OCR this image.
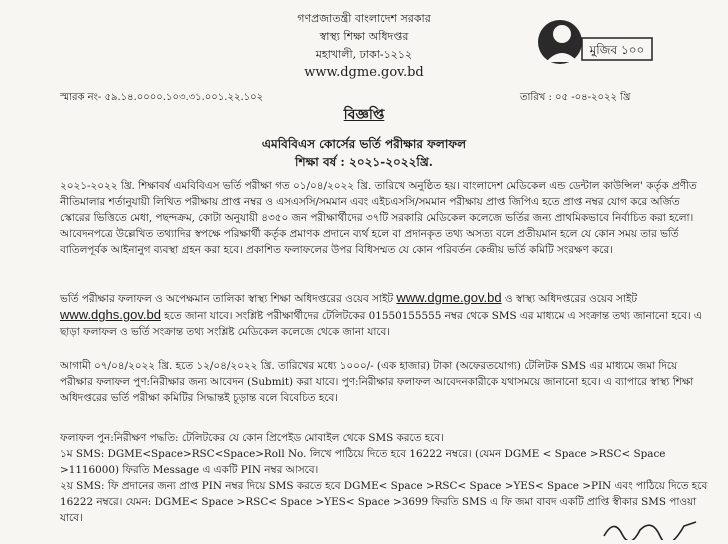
গণপ্রজাতন্ত্রী বাংলাদেশ সরকার
স্বাস্থ্য শিক্ষা অধিদপ্তর
মহাখালী, ঢাকা-১২১২
www.dgme.gov.bd
মুজিব ১০০
স্মারক নং- ৫৯.১৪.০০০০.১০৩.৩১.০০১.২২.১০২	তারিখ : ০৫ -০৪-২০২২ খ্রি
বিজ্ঞপ্তি
এমবিবিএস কোর্সের ভর্তি পরীক্ষার ফলাফল
শিক্ষা বর্ষ : ২০২১-২০২২খ্রি.
২০২১-২০২২ খ্রি. শিক্ষাবর্ষ এমবিবিএস ভর্তি পরীক্ষা গত ০১/০৪/২০২২ খ্রি. তারিখে অনুষ্ঠিত হয়। বাংলাদেশ মেডিকেল এন্ড ডেন্টাল কাউন্সিল' কর্তৃক প্রণীত নীতিমালার শর্তানুযায়ী লিখিত পরীক্ষায় প্রাপ্ত নম্বর ও এসএসসি/সমমান এবং এইচএসসি/সমমান পরীক্ষায় প্রাপ্ত জিপিএ হতে প্রাপ্ত নম্বর যোগ করে অর্জিত স্কোরের ভিত্তিতে মেধা, পছন্দক্রম, কোটা অনুযায়ী ৪৩৫০ জন পরীক্ষার্থীদের ৩৭টি সরকারি মেডিকেল কলেজে ভর্তির জন্য প্রাথমিকভাবে নির্বাচিত করা হলো। আবেদনপত্রে উল্লেখিত তথ্যাদির স্বপক্ষে পরিক্ষার্থী কর্তৃক প্রমাণক প্রদানে ব্যর্থ হলে বা প্রদানকৃত তথ্য অসত্য বলে প্রতীয়মান হলে যে কোন সময় তার ভর্তি বাতিলপূর্বক আইনানুগ ব্যবস্থা গ্রহন করা হবে। প্রকাশিত ফলাফলের উপর বিধিসম্মত যে কোন পরিবর্তন কেন্দ্রীয় ভর্তি কমিটি সংরক্ষণ করে।
ভর্তি পরীক্ষার ফলাফল ও অপেক্ষমান তালিকা স্বাস্থ্য শিক্ষা অধিদপ্তরের ওয়েব সাইট www.dgme.gov.bd ও স্বাস্থ্য অধিদপ্তরের ওয়েব সাইট www.dghs.gov.bd হতে জানা যাবে। সংশ্লিষ্ট পরীক্ষার্থীদের টেলিটকের 01550155555 নম্বর থেকে SMS এর মাধ্যমে এ সংক্রান্ত তথ্য জানানো হবে। এ ছাড়া ফলাফল ও ভর্তি সংক্রান্ত তথ্য সংশ্লিষ্ট মেডিকেল কলেজে থেকে জানা যাবে।
আগামী ০৭/০৪/২০২২ খ্রি. হতে ১২/০৪/২০২২ খ্রি. তারিখের মধ্যে ১০০০/- (এক হাজার) টাকা (অফেরতযোগ্য) টেলিটক SMS এর মাধ্যমে জমা দিয়ে পরীক্ষার ফলাফল পুণ:নিরীক্ষার জন্য আবেদন (Submit) করা যাবে। পুণ:নিরীক্ষার ফলাফল আবেদনকারীকে যথাসময়ে জানানো হবে। এ ব্যাপারে স্বাস্থ্য শিক্ষা অধিদপ্তরের ভর্তি পরীক্ষা কমিটির সিদ্ধান্তই চূড়ান্ত বলে বিবেচিত হবে।
ফলাফল পুন:নিরীক্ষণ পদ্ধতি: টেলিটকের যে কোন প্রিপেইড মোবাইল থেকে SMS করতে হবে।
১ম SMS: DGME<Space>RSC<Space>Roll No. লিখে পাঠিয়ে দিতে হবে 16222 নম্বরে। (যেমন DGME < Space >RSC< Space >1116000) ফিরতি Message এ একটি PIN নম্বর আসবে।
২য় SMS: ফি প্রদানের জন্য প্রাপ্ত PIN নম্বর দিয়ে SMS করতে হবে DGME< Space >RSC< Space >YES< Space >PIN এবং পাঠিয়ে দিতে হবে 16222 নম্বরে। যেমন: DGME< Space >RSC< Space >YES< Space >3699 ফিরতি SMS এ ফি জমা বাবদ একটি প্রাপ্তি স্বীকার SMS পাওয়া যাবে।
